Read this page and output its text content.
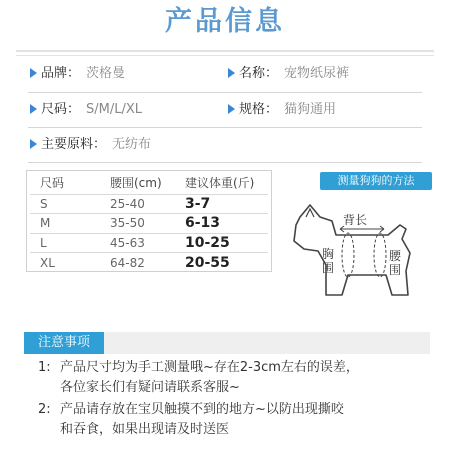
产品信息
品牌： 茨格曼	名称： 宠物纸尿裤
尺码： S/M/L/XL	规格： 猫狗通用
主要原料： 无纺布
尺码	腰围(cm)	建议体重(斤)
S	25-40	3-7
M	35-50	6-13
L	45-63	10-25
XL	64-82	20-55
测量狗狗的方法
背长
胸围
腰围
注意事项
1: 产品尺寸均为手工测量哦~存在2-3cm左右的误差，
各位家长们有疑问请联系客服~
2: 产品请存放在宝贝触摸不到的地方~以防出现撕咬
和吞食，如果出现请及时送医
